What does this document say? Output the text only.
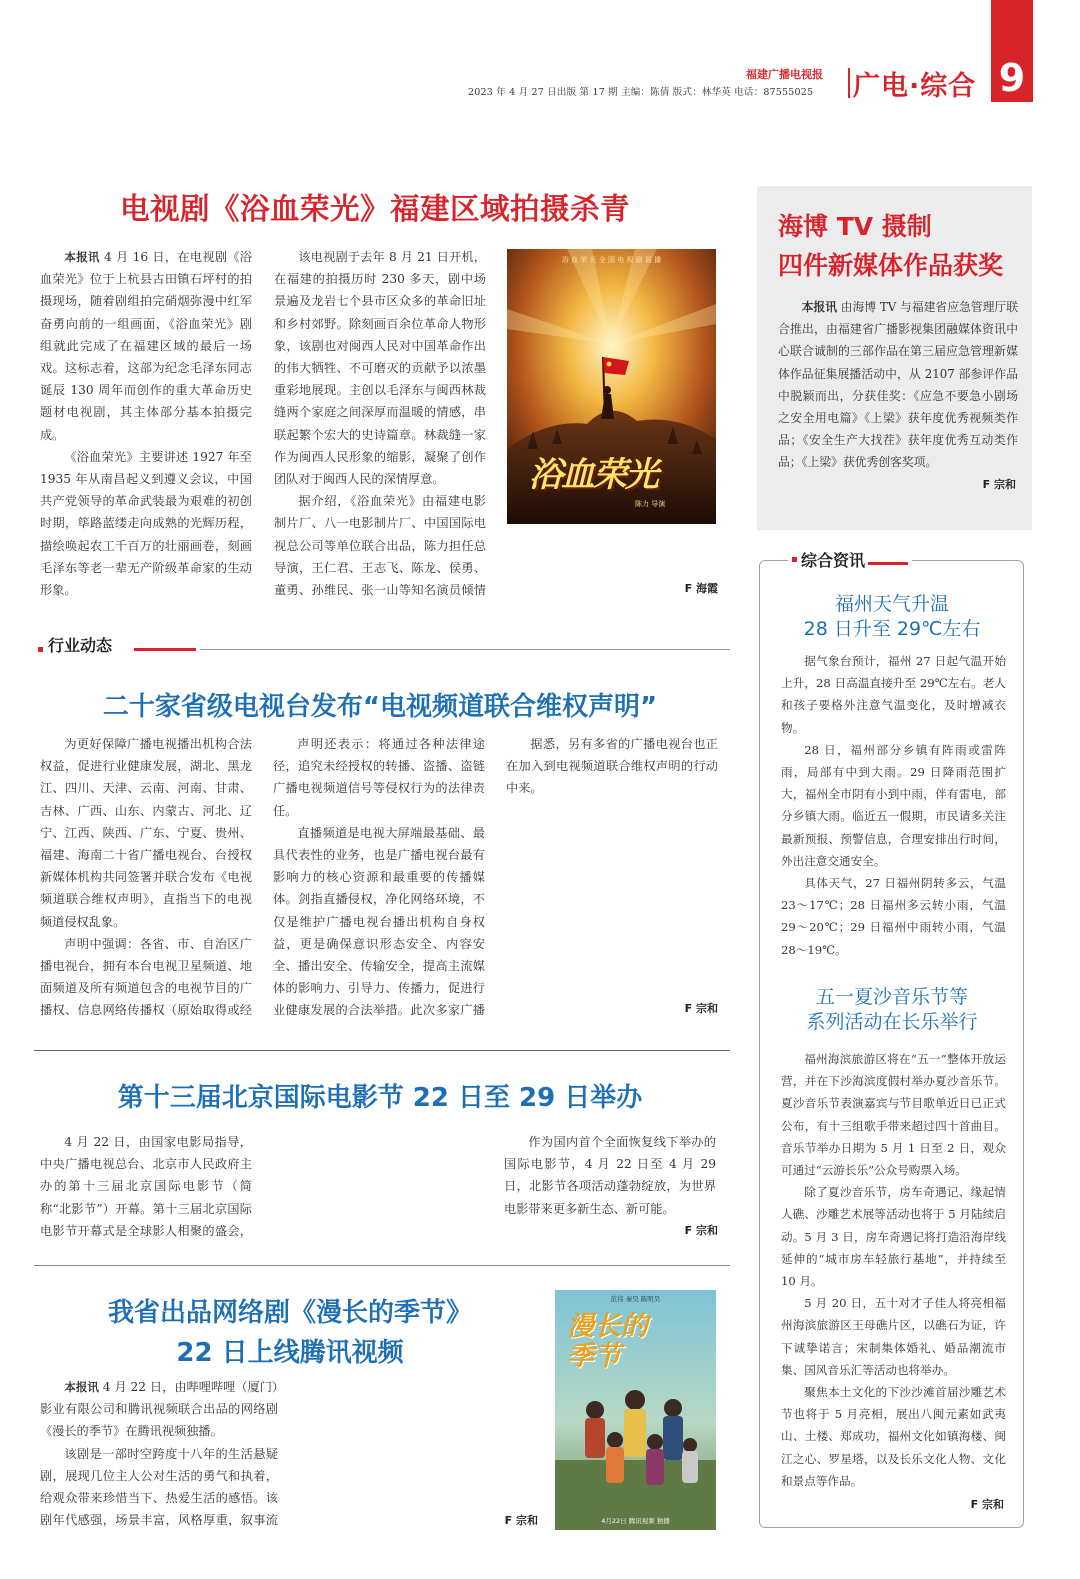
9
福建广播电视报
2023 年 4 月 27 日出版 第 17 期 主编：陈倩 版式：林华英 电话：87555025 广电·综合
电视剧《浴血荣光》福建区域拍摄杀青

本报讯 4 月 16 日，在电视剧《浴血荣光》位于上杭县古田镇石坪村的拍摄现场，随着剧组拍完硝烟弥漫中红军奋勇向前的一组画面，《浴血荣光》剧组就此完成了在福建区域的最后一场戏。这标志着，这部为纪念毛泽东同志诞辰 130 周年而创作的重大革命历史题材电视剧，其主体部分基本拍摄完成。

《浴血荣光》主要讲述 1927 年至 1935 年从南昌起义到遵义会议，中国共产党领导的革命武装最为艰难的初创时期，筚路蓝缕走向成熟的光辉历程，描绘唤起农工千百万的壮丽画卷，刻画毛泽东等老一辈无产阶级革命家的生动形象。

该电视剧于去年 8 月 21 日开机，在福建的拍摄历时 230 多天，剧中场景遍及龙岩七个县市区众多的革命旧址和乡村郊野。除刻画百余位革命人物形象，该剧也对闽西人民对中国革命作出的伟大牺牲、不可磨灭的贡献予以浓墨重彩地展现。主创以毛泽东与闽西林裁缝两个家庭之间深厚而温暖的情感，串联起繁个宏大的史诗篇章。林裁缝一家作为闽西人民形象的缩影，凝聚了创作团队对于闽西人民的深情厚意。

据介绍，《浴血荣光》由福建电影制片厂、八一电影制片厂、中国国际电视总公司等单位联合出品，陈力担任总导演，王仁君、王志飞、陈龙、侯勇、董勇、孙维民、张一山等知名演员倾情

浴 血 荣 光 全 国 电 视 剧 展 播
浴血荣光
陈力 导演
F 海霞
行业动态
二十家省级电视台发布“电视频道联合维权声明”

为更好保障广播电视播出机构合法权益，促进行业健康发展，湖北、黑龙江、四川、天津、云南、河南、甘肃、吉林、广西、山东、内蒙古、河北、辽宁、江西、陕西、广东、宁夏、贵州、福建、海南二十省广播电视台、台授权新媒体机构共同签署并联合发布《电视频道联合维权声明》，直指当下的电视频道侵权乱象。

声明中强调：各省、市、自治区广播电视台，拥有本台电视卫星频道、地面频道及所有频道包含的电视节目的广播权、信息网络传播权（原始取得或经

声明还表示：将通过各种法律途径，追究未经授权的转播、盗播、盗链广播电视频道信号等侵权行为的法律责任。

直播频道是电视大屏端最基础、最具代表性的业务，也是广播电视台最有影响力的核心资源和最重要的传播媒体。剑指直播侵权，净化网络环境，不仅是维护广播电视台播出机构自身权益，更是确保意识形态安全、内容安全、播出安全、传输安全，提高主流媒体的影响力、引导力、传播力，促进行业健康发展的合法举措。此次多家广播

据悉，另有多省的广播电视台也正在加入到电视频道联合维权声明的行动中来。

F 宗和
第十三届北京国际电影节 22 日至 29 日举办

4 月 22 日，由国家电影局指导，中央广播电视总台、北京市人民政府主办的第十三届北京国际电影节（简称“北影节”）开幕。第十三届北京国际电影节开幕式是全球影人相聚的盛会，

作为国内首个全面恢复线下举办的国际电影节，4 月 22 日至 4 月 29 日，北影节各项活动蓬勃绽放，为世界电影带来更多新生态、新可能。

F 宗和
我省出品网络剧《漫长的季节》
22 日上线腾讯视频

本报讯 4 月 22 日，由哔哩哔哩（厦门）影业有限公司和腾讯视频联合出品的网络剧《漫长的季节》在腾讯视频独播。

该剧是一部时空跨度十八年的生活悬疑剧，展现几位主人公对生活的勇气和执着，给观众带来珍惜当下、热爱生活的感悟。该剧年代感强，场景丰富，风格厚重，叙事流	F 宗和
范伟 秦昊 陈明昊
漫长的季节
4月22日 腾讯视频 独播
海博 TV 摄制
四件新媒体作品获奖
本报讯 由海博 TV 与福建省应急管理厅联合推出，由福建省广播影视集团融媒体资讯中心联合诚制的三部作品在第三届应急管理新媒体作品征集展播活动中，从 2107 部参评作品中脱颖而出，分获佳奖：《应急不要急小剧场之安全用电篇》《上梁》获年度优秀视频类作品；《安全生产大找茬》获年度优秀互动类作品；《上梁》获优秀创客奖项。
F 宗和
综合资讯
福州天气升温
28 日升至 29℃左右

据气象台预计，福州 27 日起气温开始上升，28 日高温直接升至 29℃左右。老人和孩子要格外注意气温变化，及时增减衣物。

28 日，福州部分乡镇有阵雨或雷阵雨，局部有中到大雨。29 日降雨范围扩大，福州全市阴有小到中雨，伴有雷电，部分乡镇大雨。临近五一假期，市民请多关注最新预报、预警信息，合理安排出行时间，外出注意交通安全。

具体天气，27 日福州阴转多云，气温 23～17℃；28 日福州多云转小雨，气温 29～20℃；29 日福州中雨转小雨，气温 28～19℃。

五一夏沙音乐节等
系列活动在长乐举行

福州海滨旅游区将在“五一”整体开放运营，并在下沙海滨度假村举办夏沙音乐节。夏沙音乐节表演嘉宾与节目歌单近日已正式公布，有十三组歌手带来超过四十首曲目。音乐节举办日期为 5 月 1 日至 2 日，观众可通过“云游长乐”公众号购票入场。

除了夏沙音乐节，房车奇遇记、缘起情人礁、沙雕艺术展等活动也将于 5 月陆续启动。5 月 3 日，房车奇遇记将打造沿海岸线延伸的“城市房车轻旅行基地”，并持续至 10 月。

5 月 20 日，五十对才子佳人将亮相福州海滨旅游区王母礁片区，以礁石为证，许下诚挚诺言；宋制集体婚礼、婚品潮流市集、国风音乐汇等活动也将举办。

聚焦本土文化的下沙沙滩首届沙雕艺术节也将于 5 月亮相，展出八闽元素如武夷山、土楼、郑成功，福州文化如镇海楼、闽江之心、罗星塔，以及长乐文化人物、文化和景点等作品。

F 宗和
